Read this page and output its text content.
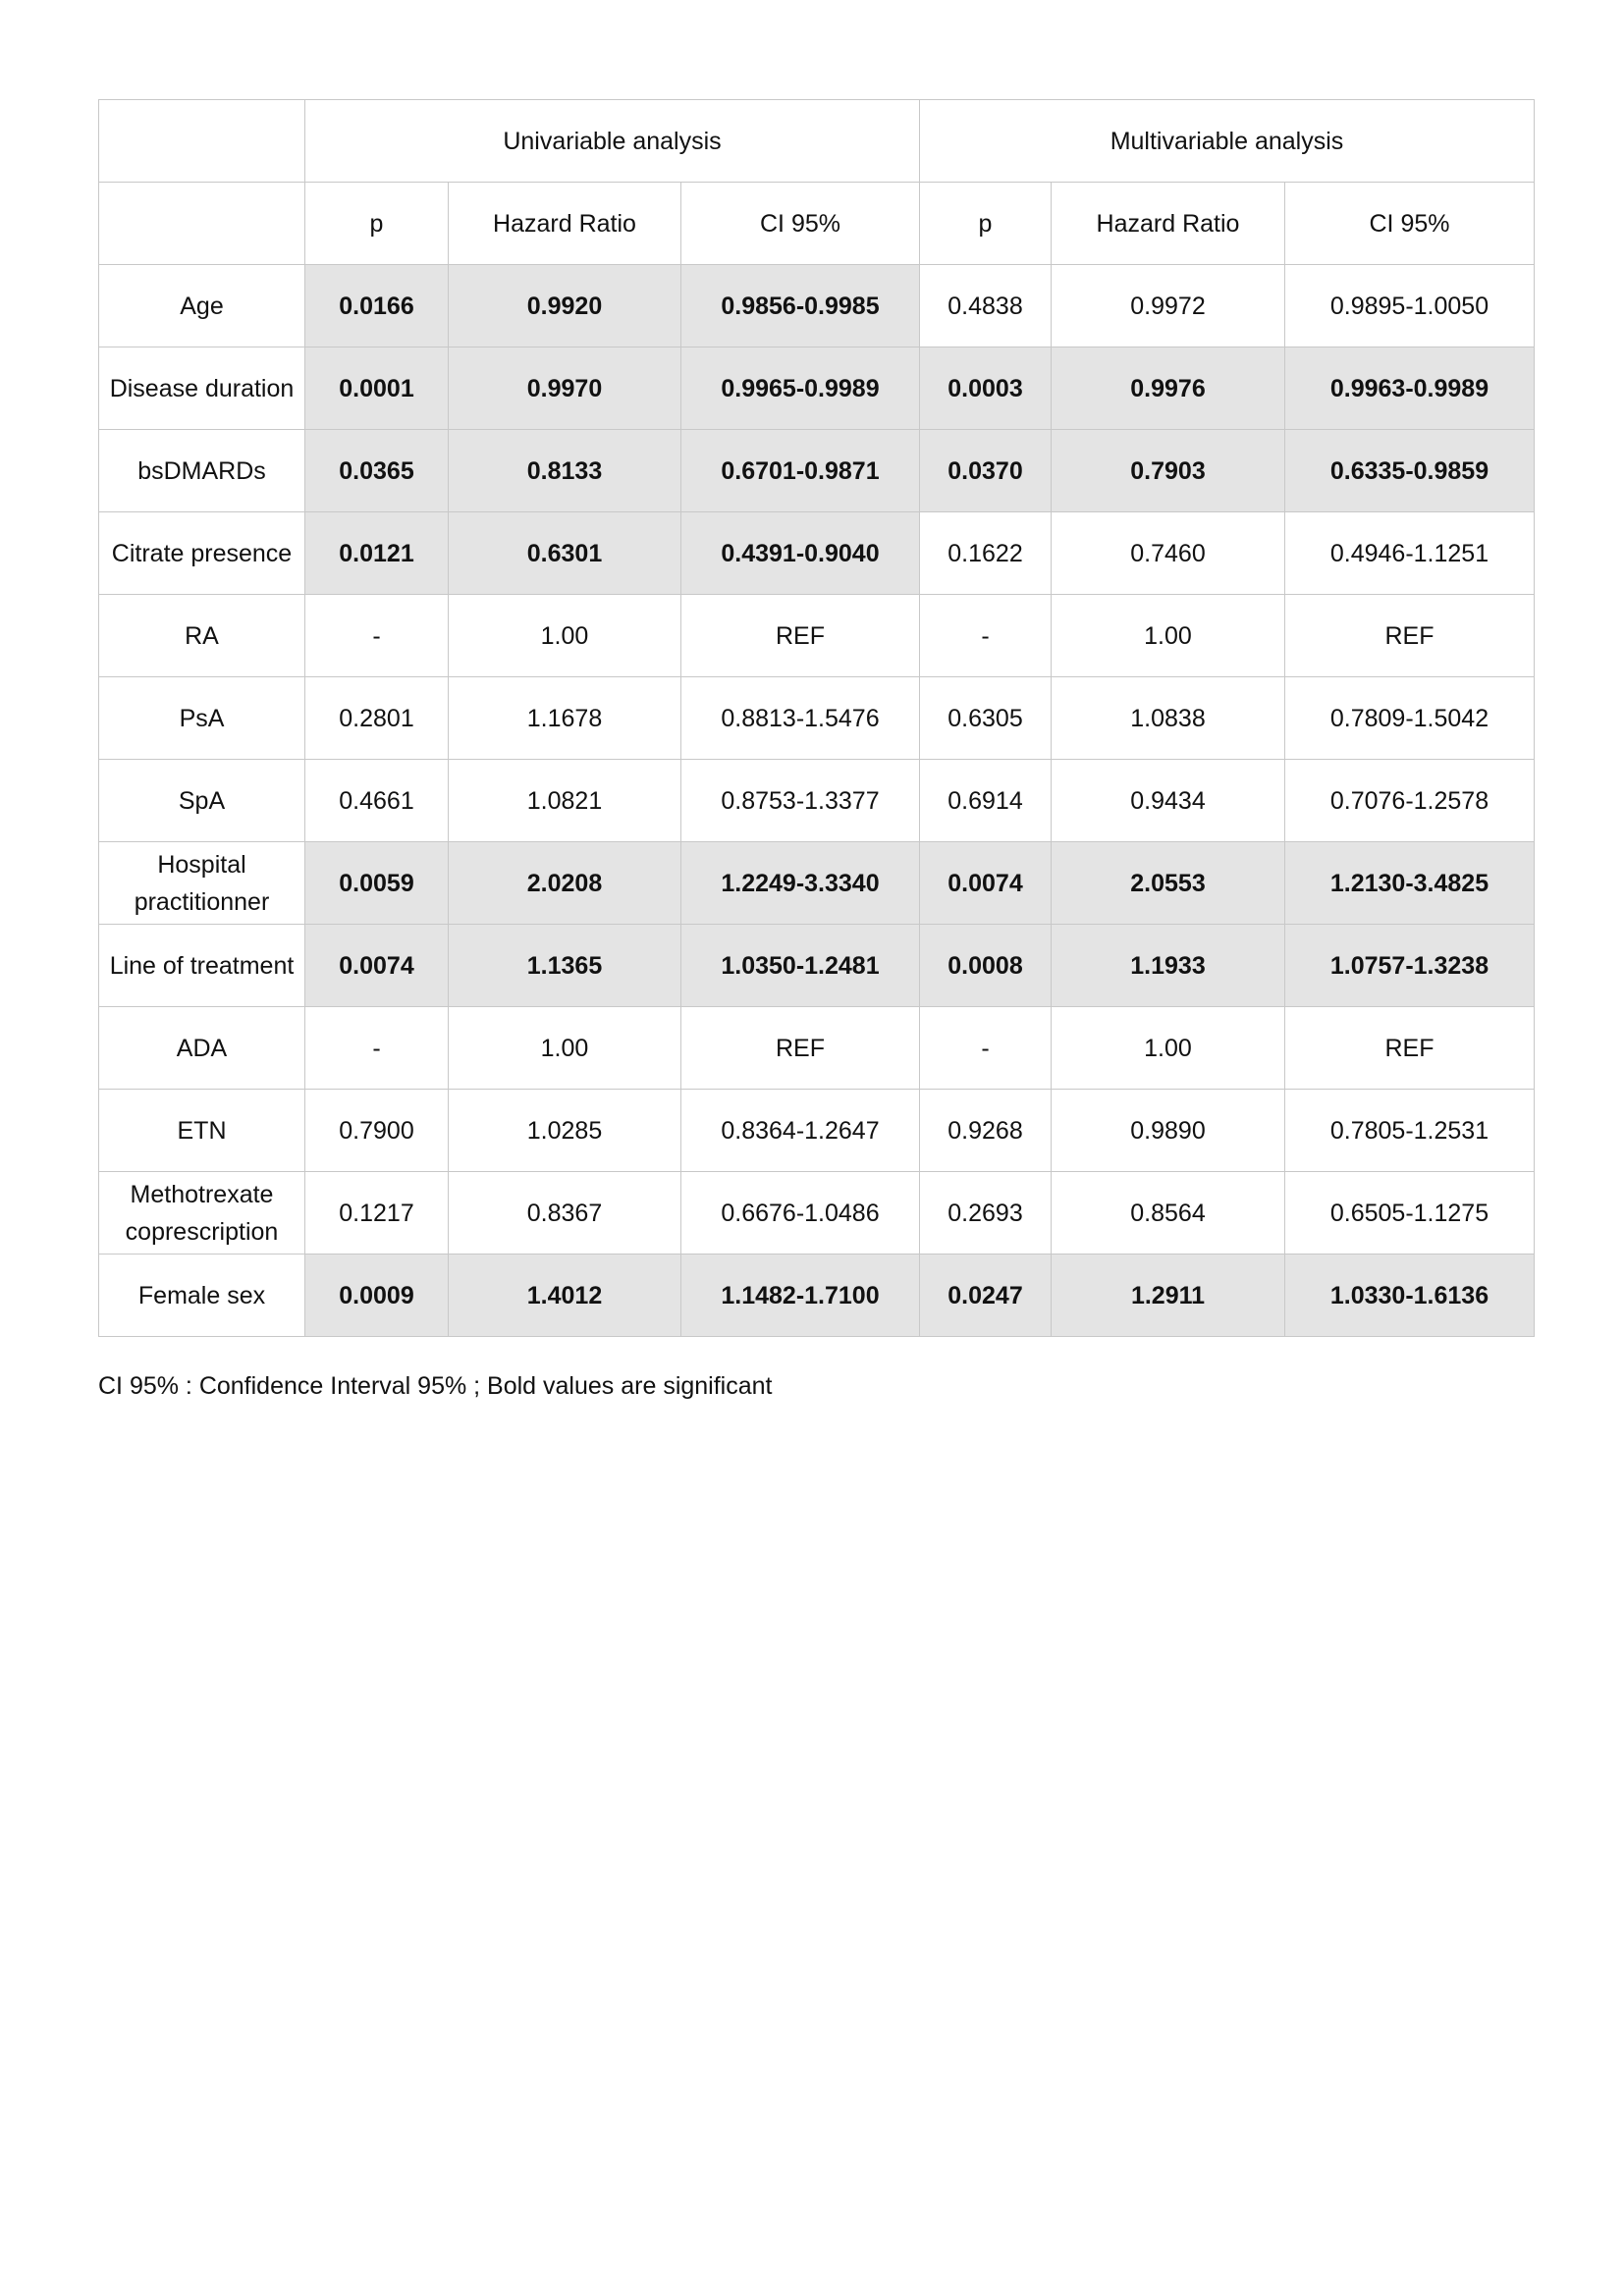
	Univariable analysis			Multivariable analysis		
	p	Hazard Ratio	CI 95%	p	Hazard Ratio	CI 95%
Age	0.0166	0.9920	0.9856-0.9985	0.4838	0.9972	0.9895-1.0050
Disease duration	0.0001	0.9970	0.9965-0.9989	0.0003	0.9976	0.9963-0.9989
bsDMARDs	0.0365	0.8133	0.6701-0.9871	0.0370	0.7903	0.6335-0.9859
Citrate presence	0.0121	0.6301	0.4391-0.9040	0.1622	0.7460	0.4946-1.1251
RA	-	1.00	REF	-	1.00	REF
PsA	0.2801	1.1678	0.8813-1.5476	0.6305	1.0838	0.7809-1.5042
SpA	0.4661	1.0821	0.8753-1.3377	0.6914	0.9434	0.7076-1.2578
Hospital practitionner	0.0059	2.0208	1.2249-3.3340	0.0074	2.0553	1.2130-3.4825
Line of treatment	0.0074	1.1365	1.0350-1.2481	0.0008	1.1933	1.0757-1.3238
ADA	-	1.00	REF	-	1.00	REF
ETN	0.7900	1.0285	0.8364-1.2647	0.9268	0.9890	0.7805-1.2531
Methotrexate coprescription	0.1217	0.8367	0.6676-1.0486	0.2693	0.8564	0.6505-1.1275
Female sex	0.0009	1.4012	1.1482-1.7100	0.0247	1.2911	1.0330-1.6136
CI 95% : Confidence Interval 95% ; Bold values are significant
